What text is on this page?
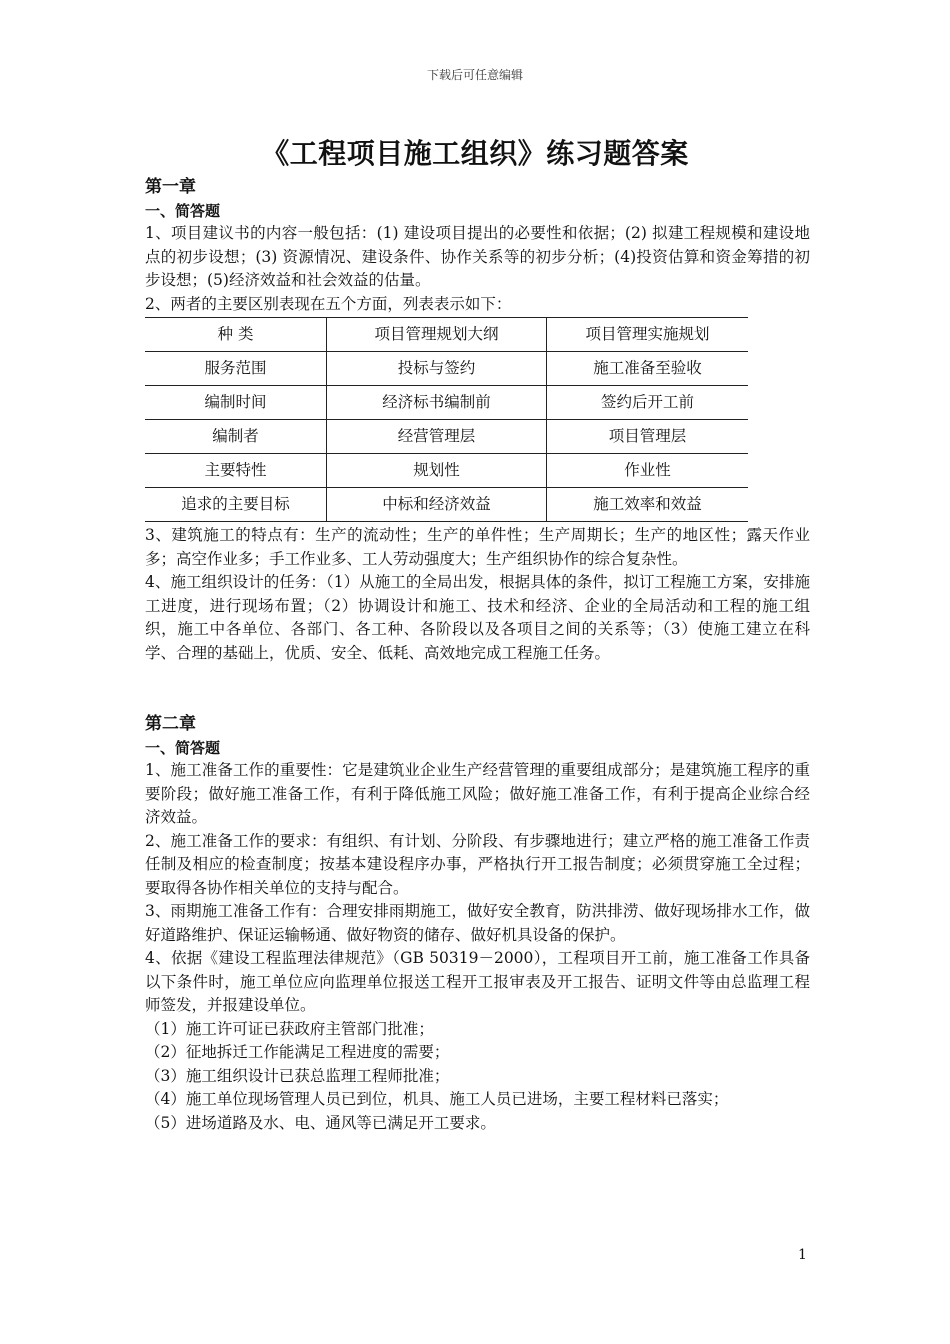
下载后可任意编辑
《工程项目施工组织》练习题答案
第一章
一、简答题

1、项目建议书的内容一般包括：(1) 建设项目提出的必要性和依据；(2) 拟建工程规模和建设地点的初步设想；(3) 资源情况、建设条件、协作关系等的初步分析；(4)投资估算和资金筹措的初步设想；(5)经济效益和社会效益的估量。

2、两者的主要区别表现在五个方面，列表表示如下：

种 类	项目管理规划大纲	项目管理实施规划
服务范围	投标与签约	施工准备至验收
编制时间	经济标书编制前	签约后开工前
编制者	经营管理层	项目管理层
主要特性	规划性	作业性
追求的主要目标	中标和经济效益	施工效率和效益

3、建筑施工的特点有：生产的流动性；生产的单件性；生产周期长；生产的地区性；露天作业多；高空作业多；手工作业多、工人劳动强度大；生产组织协作的综合复杂性。

4、施工组织设计的任务：（1）从施工的全局出发，根据具体的条件，拟订工程施工方案，安排施工进度，进行现场布置；（2）协调设计和施工、技术和经济、企业的全局活动和工程的施工组织，施工中各单位、各部门、各工种、各阶段以及各项目之间的关系等；（3）使施工建立在科学、合理的基础上，优质、安全、低耗、高效地完成工程施工任务。

第二章
一、简答题

1、施工准备工作的重要性：它是建筑业企业生产经营管理的重要组成部分；是建筑施工程序的重要阶段；做好施工准备工作，有利于降低施工风险；做好施工准备工作，有利于提高企业综合经济效益。

2、施工准备工作的要求：有组织、有计划、分阶段、有步骤地进行；建立严格的施工准备工作责任制及相应的检查制度；按基本建设程序办事，严格执行开工报告制度；必须贯穿施工全过程；要取得各协作相关单位的支持与配合。

3、雨期施工准备工作有：合理安排雨期施工，做好安全教育，防洪排涝、做好现场排水工作，做好道路维护、保证运输畅通、做好物资的储存、做好机具设备的保护。

4、依据《建设工程监理法律规范》（GB 50319－2000），工程项目开工前，施工准备工作具备以下条件时，施工单位应向监理单位报送工程开工报审表及开工报告、证明文件等由总监理工程师签发，并报建设单位。

（1）施工许可证已获政府主管部门批准；

（2）征地拆迁工作能满足工程进度的需要；

（3）施工组织设计已获总监理工程师批准；

（4）施工单位现场管理人员已到位，机具、施工人员已进场，主要工程材料已落实；

（5）进场道路及水、电、通风等已满足开工要求。

1
